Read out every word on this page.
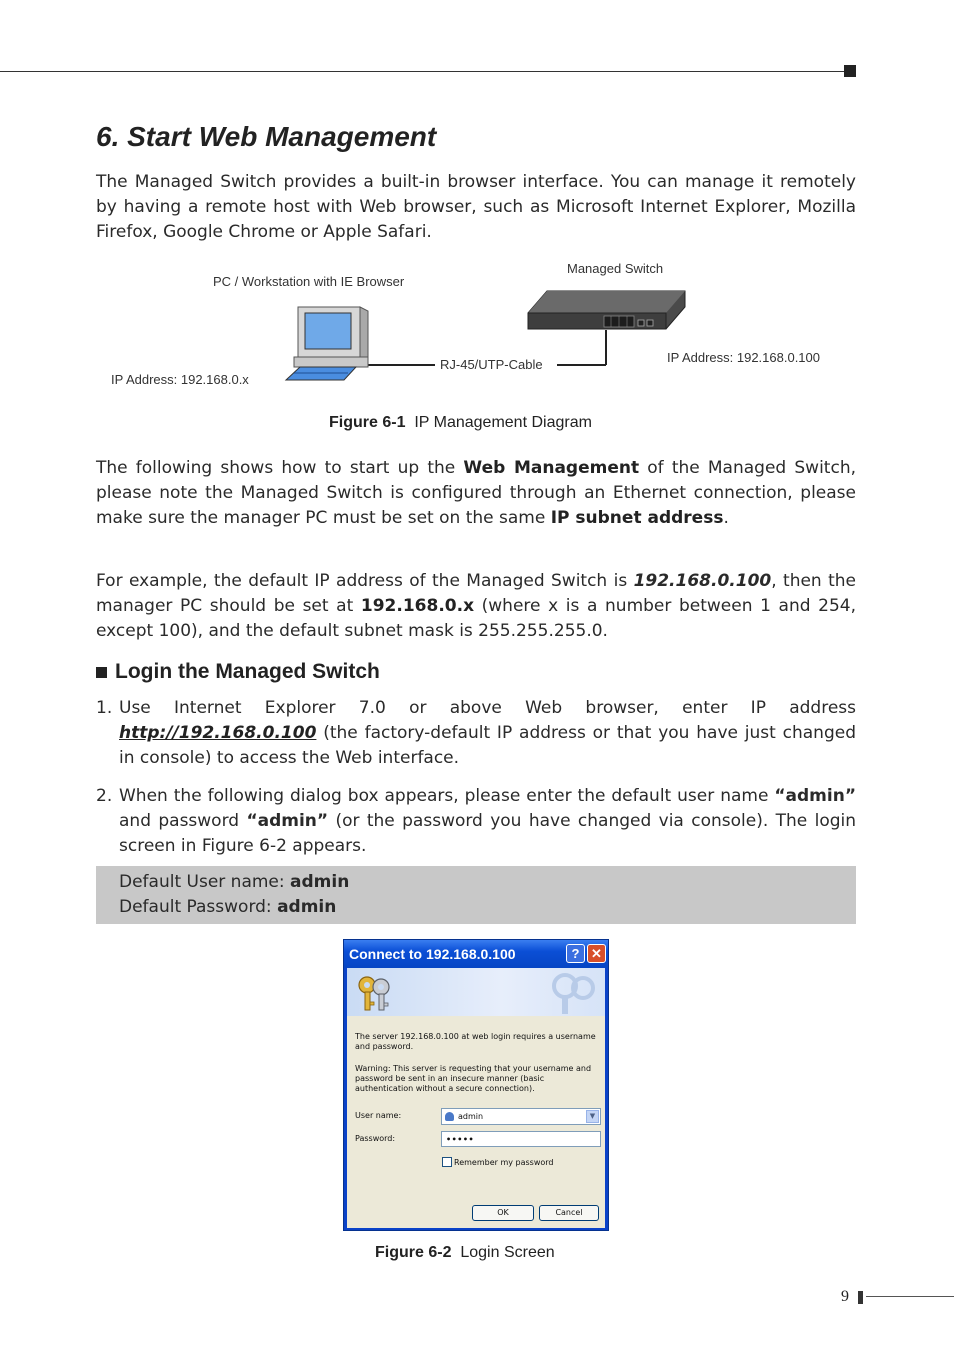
6. Start Web Management
The Managed Switch provides a built-in browser interface. You can manage it remotely by having a remote host with Web browser, such as Microsoft Internet Explorer, Mozilla Firefox, Google Chrome or Apple Safari.
PC / Workstation with IE Browser
Managed Switch
IP Address: 192.168.0.x
IP Address: 192.168.0.100
RJ-45/UTP-Cable
Figure 6-1 IP Management Diagram
The following shows how to start up the Web Management of the Managed Switch, please note the Managed Switch is configured through an Ethernet connection, please make sure the manager PC must be set on the same IP subnet address.
For example, the default IP address of the Managed Switch is 192.168.0.100, then the manager PC should be set at 192.168.0.x (where x is a number between 1 and 254, except 100), and the default subnet mask is 255.255.255.0.
Login the Managed Switch
1. Use Internet Explorer 7.0 or above Web browser, enter IP address http://192.168.0.100 (the factory-default IP address or that you have just changed in console) to access the Web interface.
2. When the following dialog box appears, please enter the default user name “admin” and password “admin” (or the password you have changed via console). The login screen in Figure 6-2 appears.
Default User name: admin
Default Password: admin
Connect to 192.168.0.100	? ✕
The server 192.168.0.100 at web login requires a username and password.
Warning: This server is requesting that your username and password be sent in an insecure manner (basic authentication without a secure connection).
User name:	admin	▼
Password:	•••••
Remember my password
OK	Cancel
Figure 6-2 Login Screen
9
